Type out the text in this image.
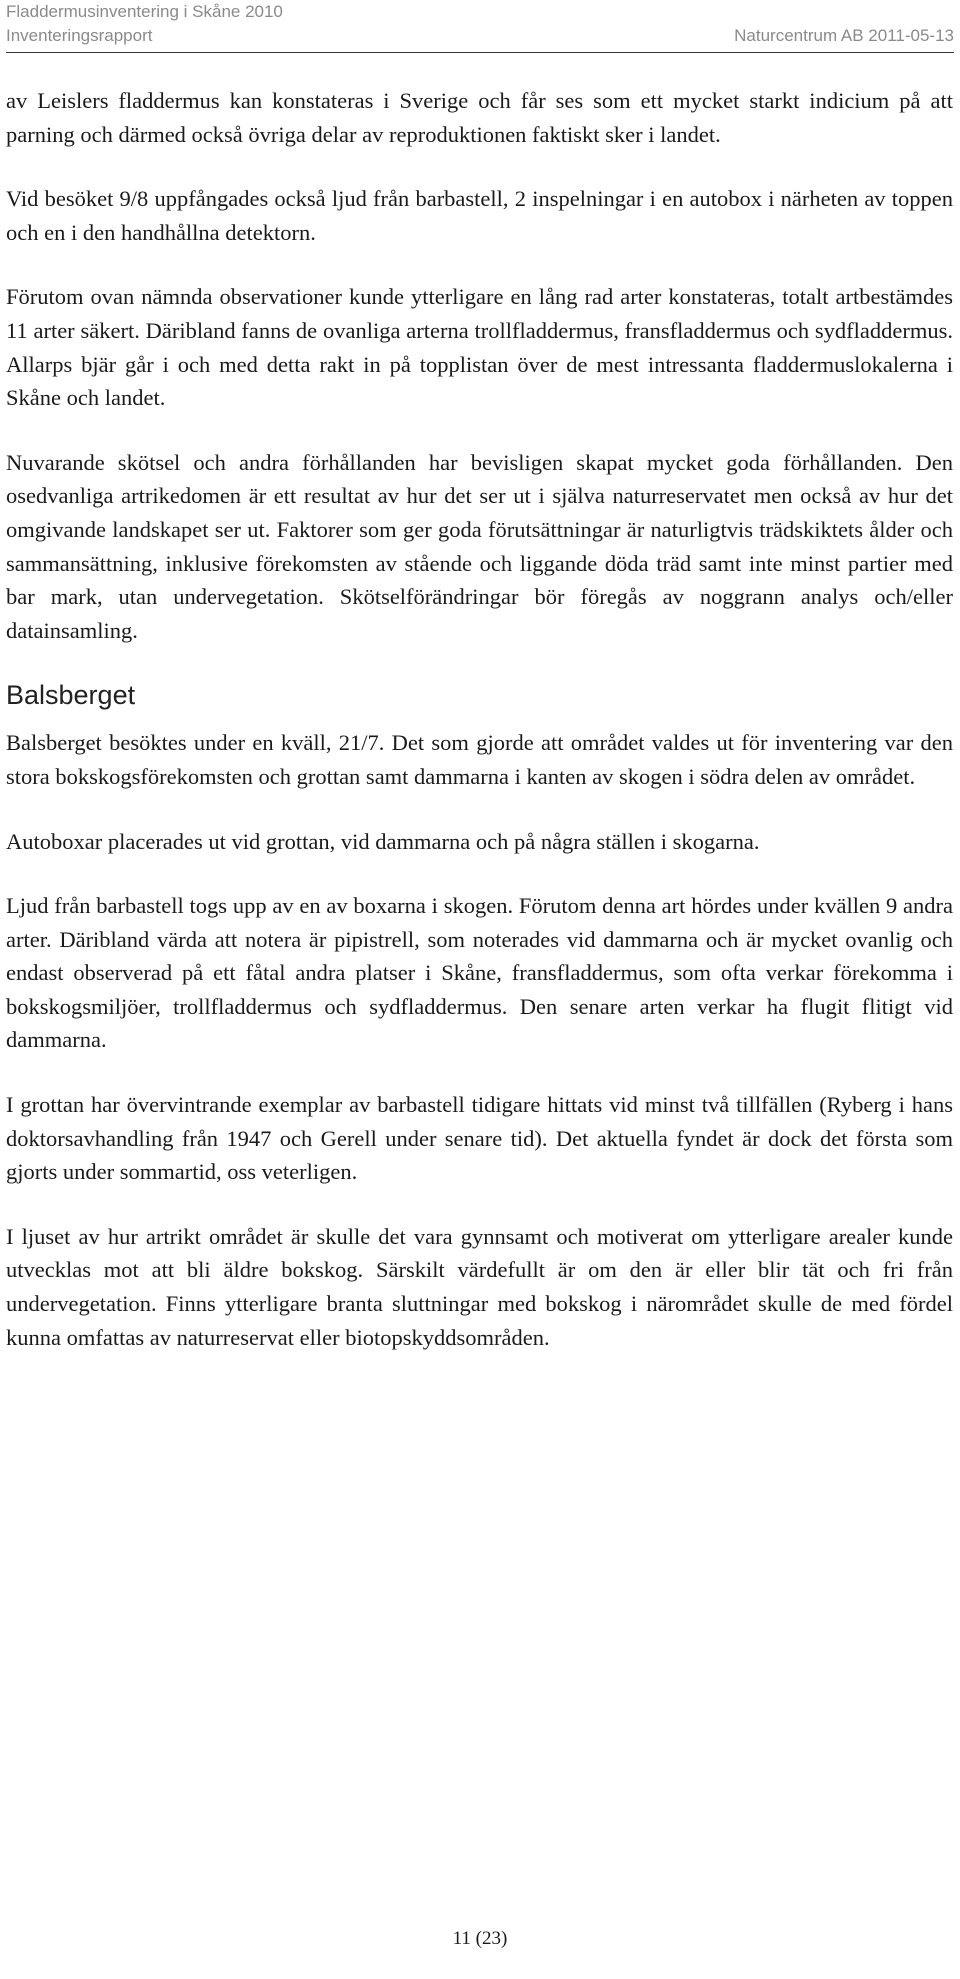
Fladdermusinventering i Skåne 2010
Inventeringsrapport	Naturcentrum AB 2011-05-13

av Leislers fladdermus kan konstateras i Sverige och får ses som ett mycket starkt indicium på att parning och därmed också övriga delar av reproduktionen faktiskt sker i landet.

Vid besöket 9/8 uppfångades också ljud från barbastell, 2 inspelningar i en autobox i närheten av toppen och en i den handhållna detektorn.

Förutom ovan nämnda observationer kunde ytterligare en lång rad arter konstateras, totalt artbestämdes 11 arter säkert. Däribland fanns de ovanliga arterna trollfladdermus, fransfladdermus och sydfladdermus. Allarps bjär går i och med detta rakt in på topplistan över de mest intressanta fladdermuslokalerna i Skåne och landet.

Nuvarande skötsel och andra förhållanden har bevisligen skapat mycket goda förhållanden. Den osedvanliga artrikedomen är ett resultat av hur det ser ut i själva naturreservatet men också av hur det omgivande landskapet ser ut. Faktorer som ger goda förutsättningar är naturligtvis trädskiktets ålder och sammansättning, inklusive förekomsten av stående och liggande döda träd samt inte minst partier med bar mark, utan undervegetation. Skötselförändringar bör föregås av noggrann analys och/eller datainsamling.

Balsberget

Balsberget besöktes under en kväll, 21/7. Det som gjorde att området valdes ut för inventering var den stora bokskogsförekomsten och grottan samt dammarna i kanten av skogen i södra delen av området.

Autoboxar placerades ut vid grottan, vid dammarna och på några ställen i skogarna.

Ljud från barbastell togs upp av en av boxarna i skogen. Förutom denna art hördes under kvällen 9 andra arter. Däribland värda att notera är pipistrell, som noterades vid dammarna och är mycket ovanlig och endast observerad på ett fåtal andra platser i Skåne, fransfladdermus, som ofta verkar förekomma i bokskogsmiljöer, trollfladdermus och sydfladdermus. Den senare arten verkar ha flugit flitigt vid dammarna.

I grottan har övervintrande exemplar av barbastell tidigare hittats vid minst två tillfällen (Ryberg i hans doktorsavhandling från 1947 och Gerell under senare tid). Det aktuella fyndet är dock det första som gjorts under sommartid, oss veterligen.

I ljuset av hur artrikt området är skulle det vara gynnsamt och motiverat om ytterligare arealer kunde utvecklas mot att bli äldre bokskog. Särskilt värdefullt är om den är eller blir tät och fri från undervegetation. Finns ytterligare branta sluttningar med bokskog i närområdet skulle de med fördel kunna omfattas av naturreservat eller biotopskyddsområden.

11 (23)
